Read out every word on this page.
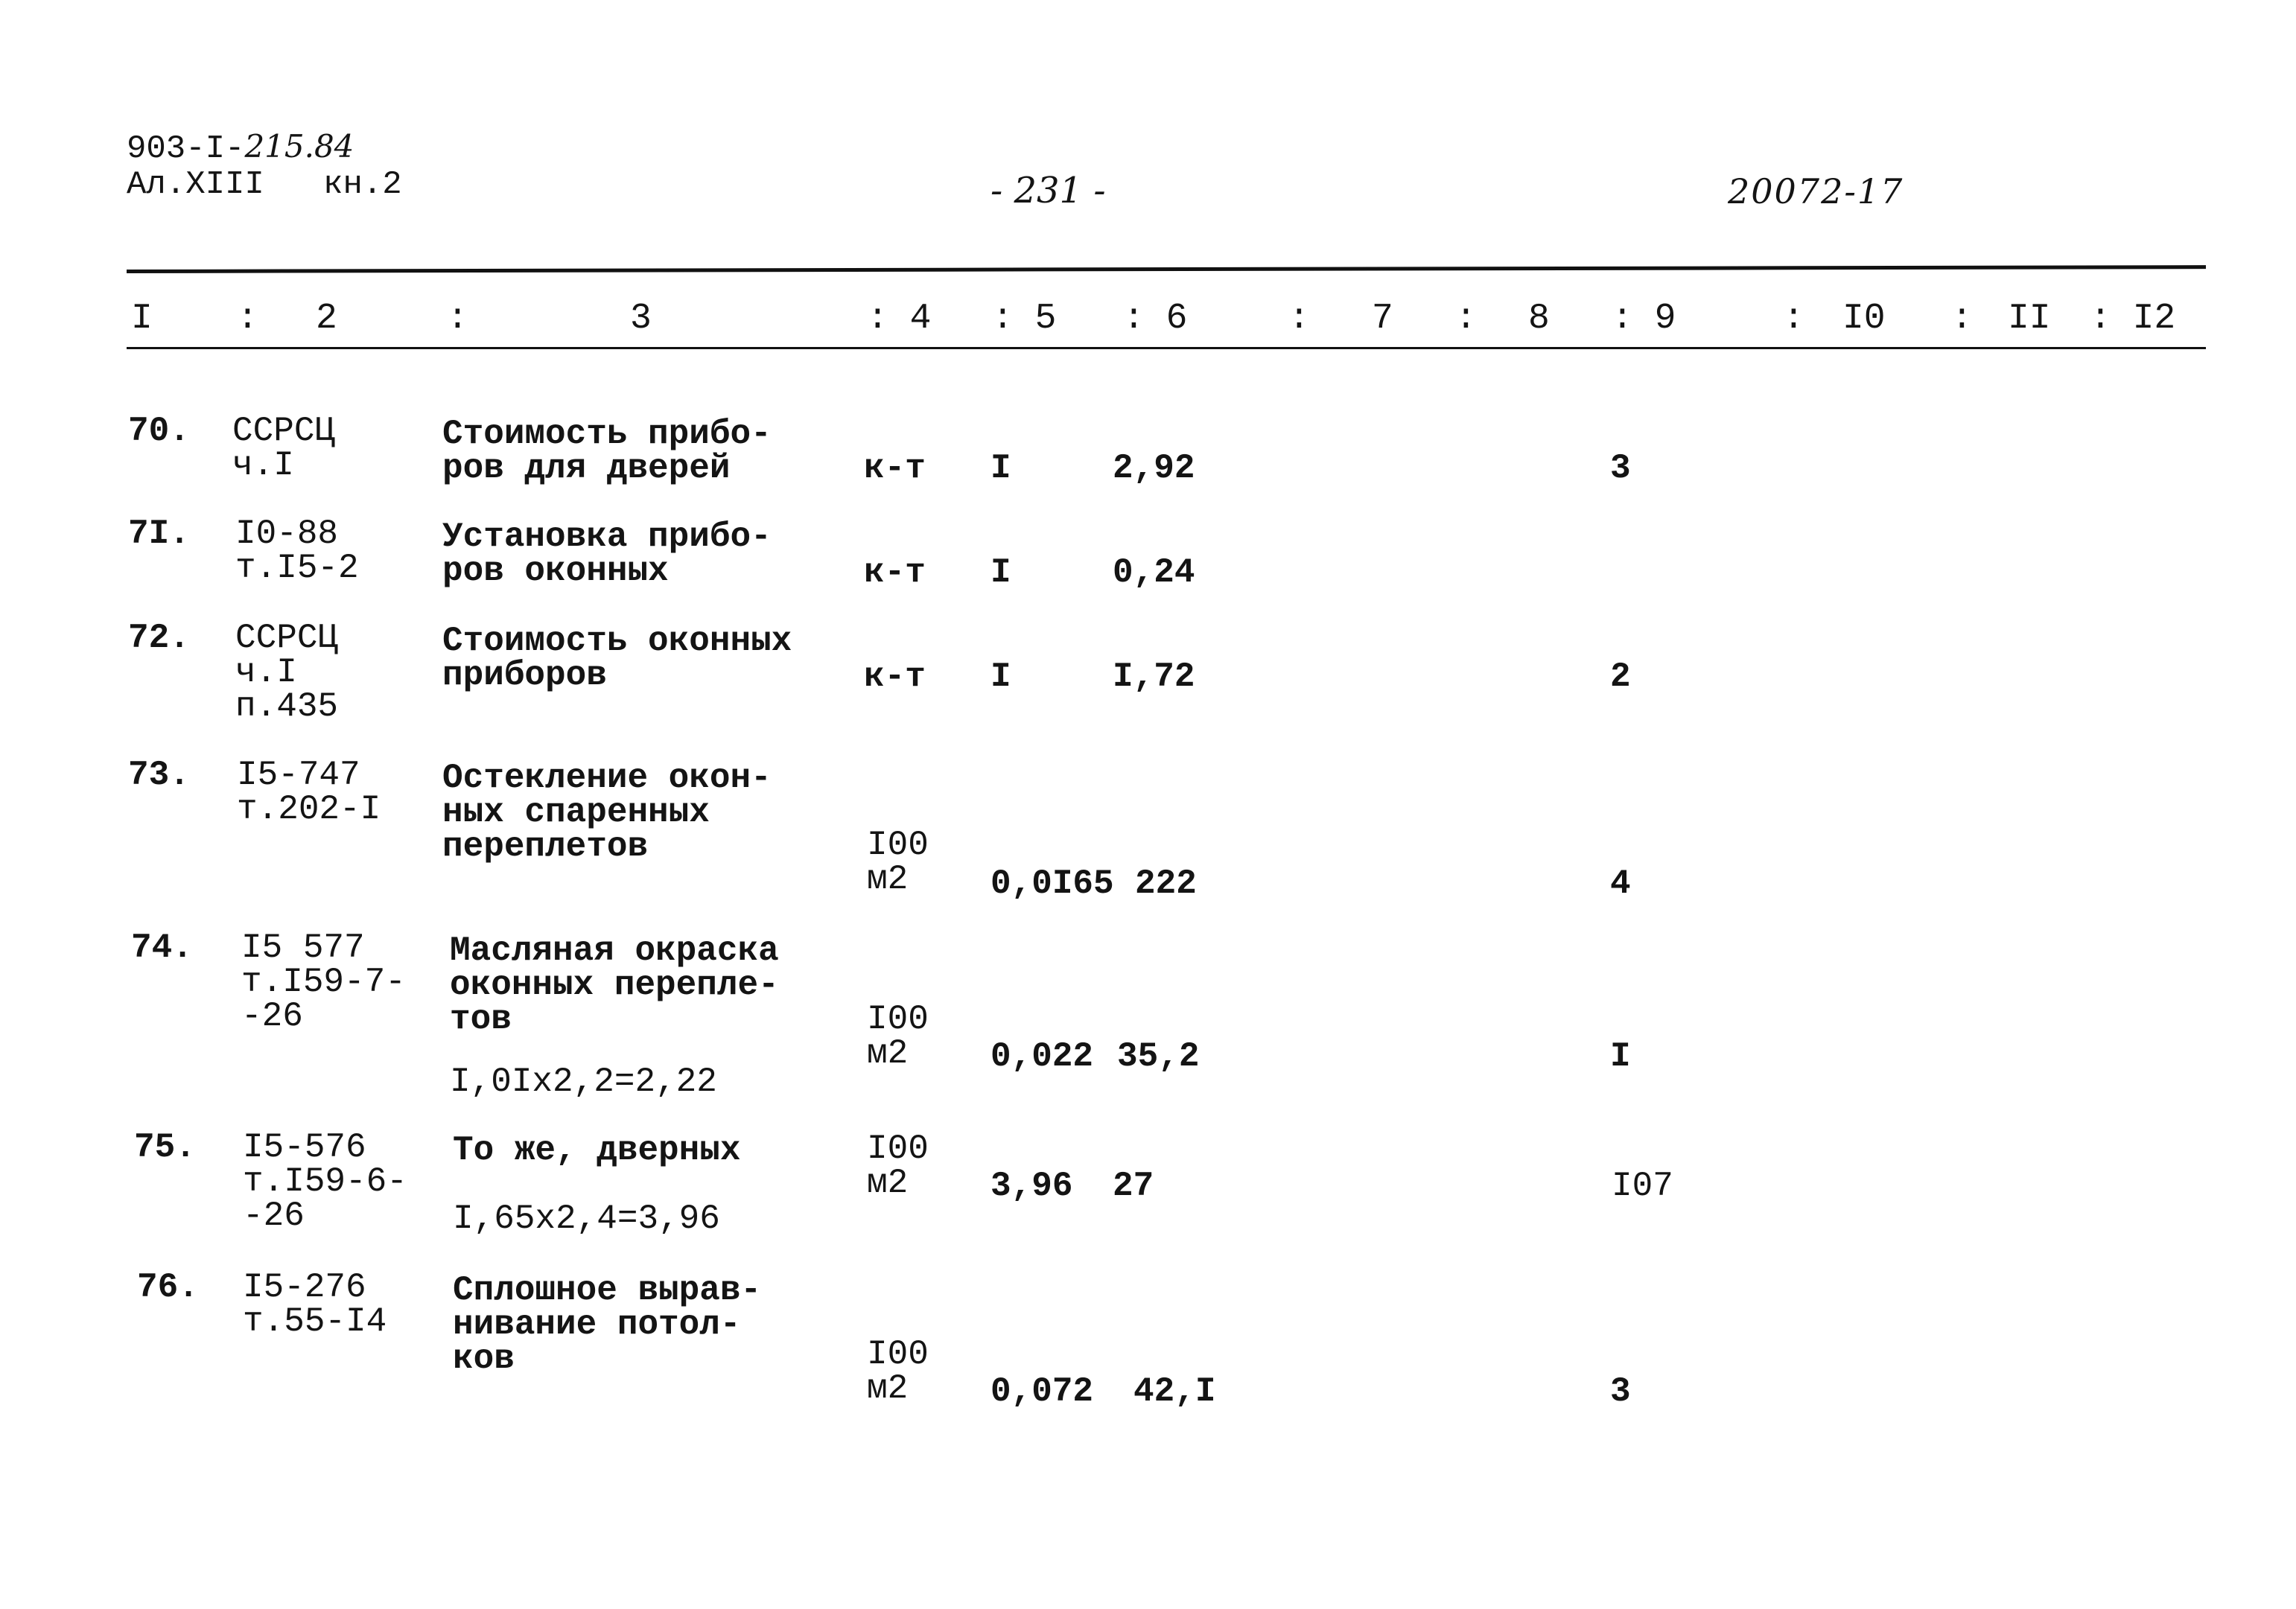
903-I-215.84
Ал.XIII   кн.2	- 231 -	20072-17
I : 2	:	3	: 4 : 5 : 6	: 7 : 8 : 9	: I0 : II : I2
70. ССРСЦ
ч.I
Стоимость прибо-
ров для дверей	к-т I	2,92	3
7I. I0-88
т.I5-2
Установка прибо-
ров оконных	к-т I	0,24
72. ССРСЦ
ч.I
п.435
Стоимость оконных
приборов	к-т I	I,72	2
73. I5-747
т.202-I
Остекление окон-
ных спаренных
переплетов	I00
м2	0,0I65 222	4
74. I5 577
т.I59-7-
-26
Масляная окраска
оконных перепле-
тов
I,0Ix2,2=2,22
I00
м2	0,022 35,2	I
75. I5-576
т.I59-6-
-26
То же, дверных
I,65x2,4=3,96
I00
м2	3,96 27	I07
76. I5-276
т.55-I4
Сплошное вырав-
нивание потол-
ков	I00
м2	0,072 42,I	3
